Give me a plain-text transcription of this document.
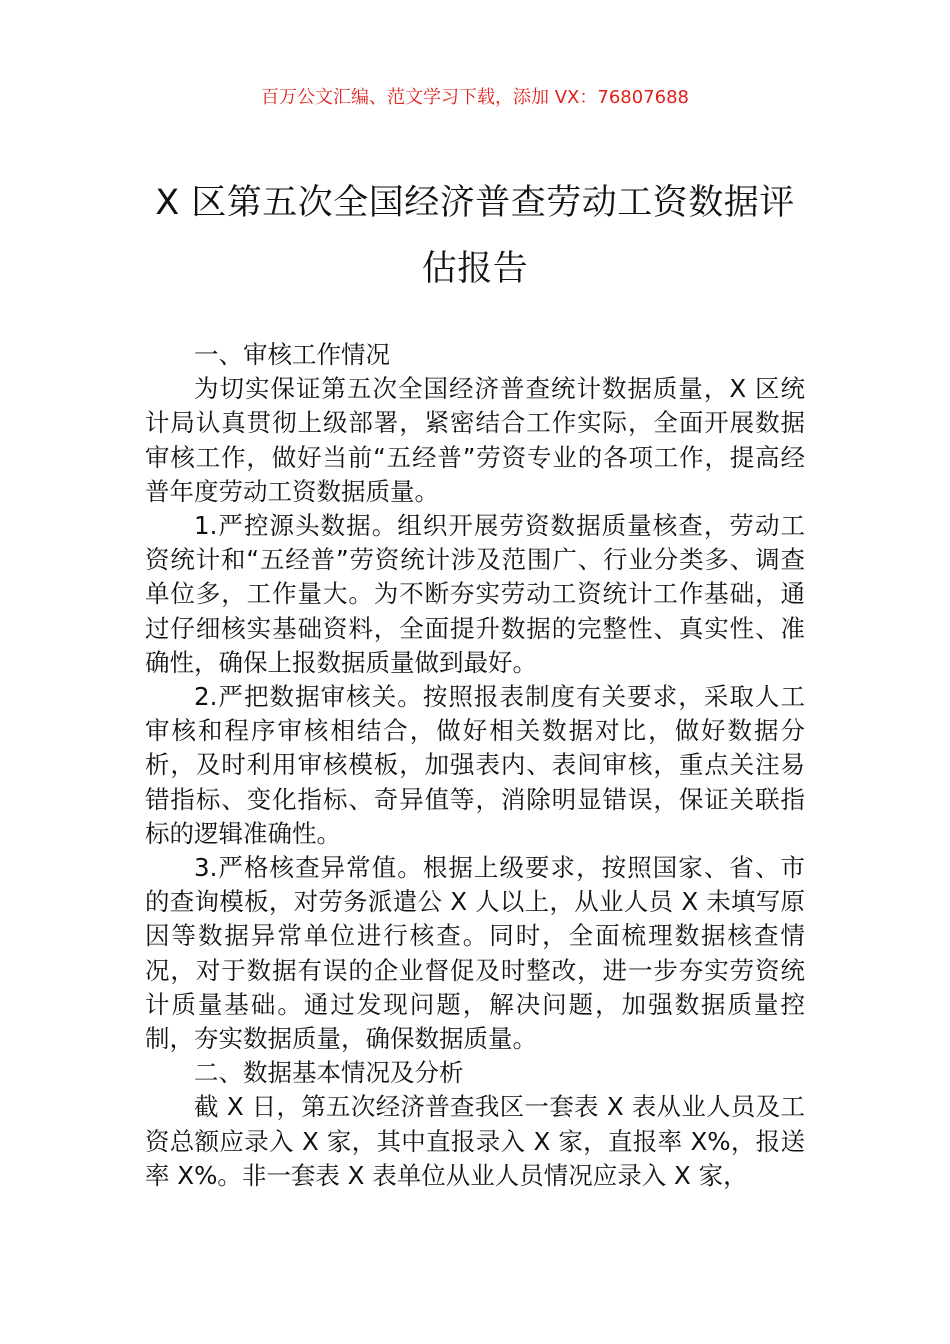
百万公文汇编、范文学习下载，添加 VX：76807688
X 区第五次全国经济普查劳动工资数据评
估报告

一、审核工作情况

为切实保证第五次全国经济普查统计数据质量，X 区统计局认真贯彻上级部署，紧密结合工作实际，全面开展数据审核工作，做好当前“五经普”劳资专业的各项工作，提高经普年度劳动工资数据质量。

1.严控源头数据。组织开展劳资数据质量核查，劳动工资统计和“五经普”劳资统计涉及范围广、行业分类多、调查单位多，工作量大。为不断夯实劳动工资统计工作基础，通过仔细核实基础资料，全面提升数据的完整性、真实性、准确性，确保上报数据质量做到最好。

2.严把数据审核关。按照报表制度有关要求，采取人工审核和程序审核相结合，做好相关数据对比，做好数据分析，及时利用审核模板，加强表内、表间审核，重点关注易错指标、变化指标、奇异值等，消除明显错误，保证关联指标的逻辑准确性。

3.严格核查异常值。根据上级要求，按照国家、省、市的查询模板，对劳务派遣公 X 人以上，从业人员 X 未填写原因等数据异常单位进行核查。同时，全面梳理数据核查情况，对于数据有误的企业督促及时整改，进一步夯实劳资统计质量基础。通过发现问题，解决问题，加强数据质量控制，夯实数据质量，确保数据质量。

二、数据基本情况及分析

截 X 日，第五次经济普查我区一套表 X 表从业人员及工资总额应录入 X 家，其中直报录入 X 家，直报率 X%，报送率 X%。非一套表 X 表单位从业人员情况应录入 X 家，
